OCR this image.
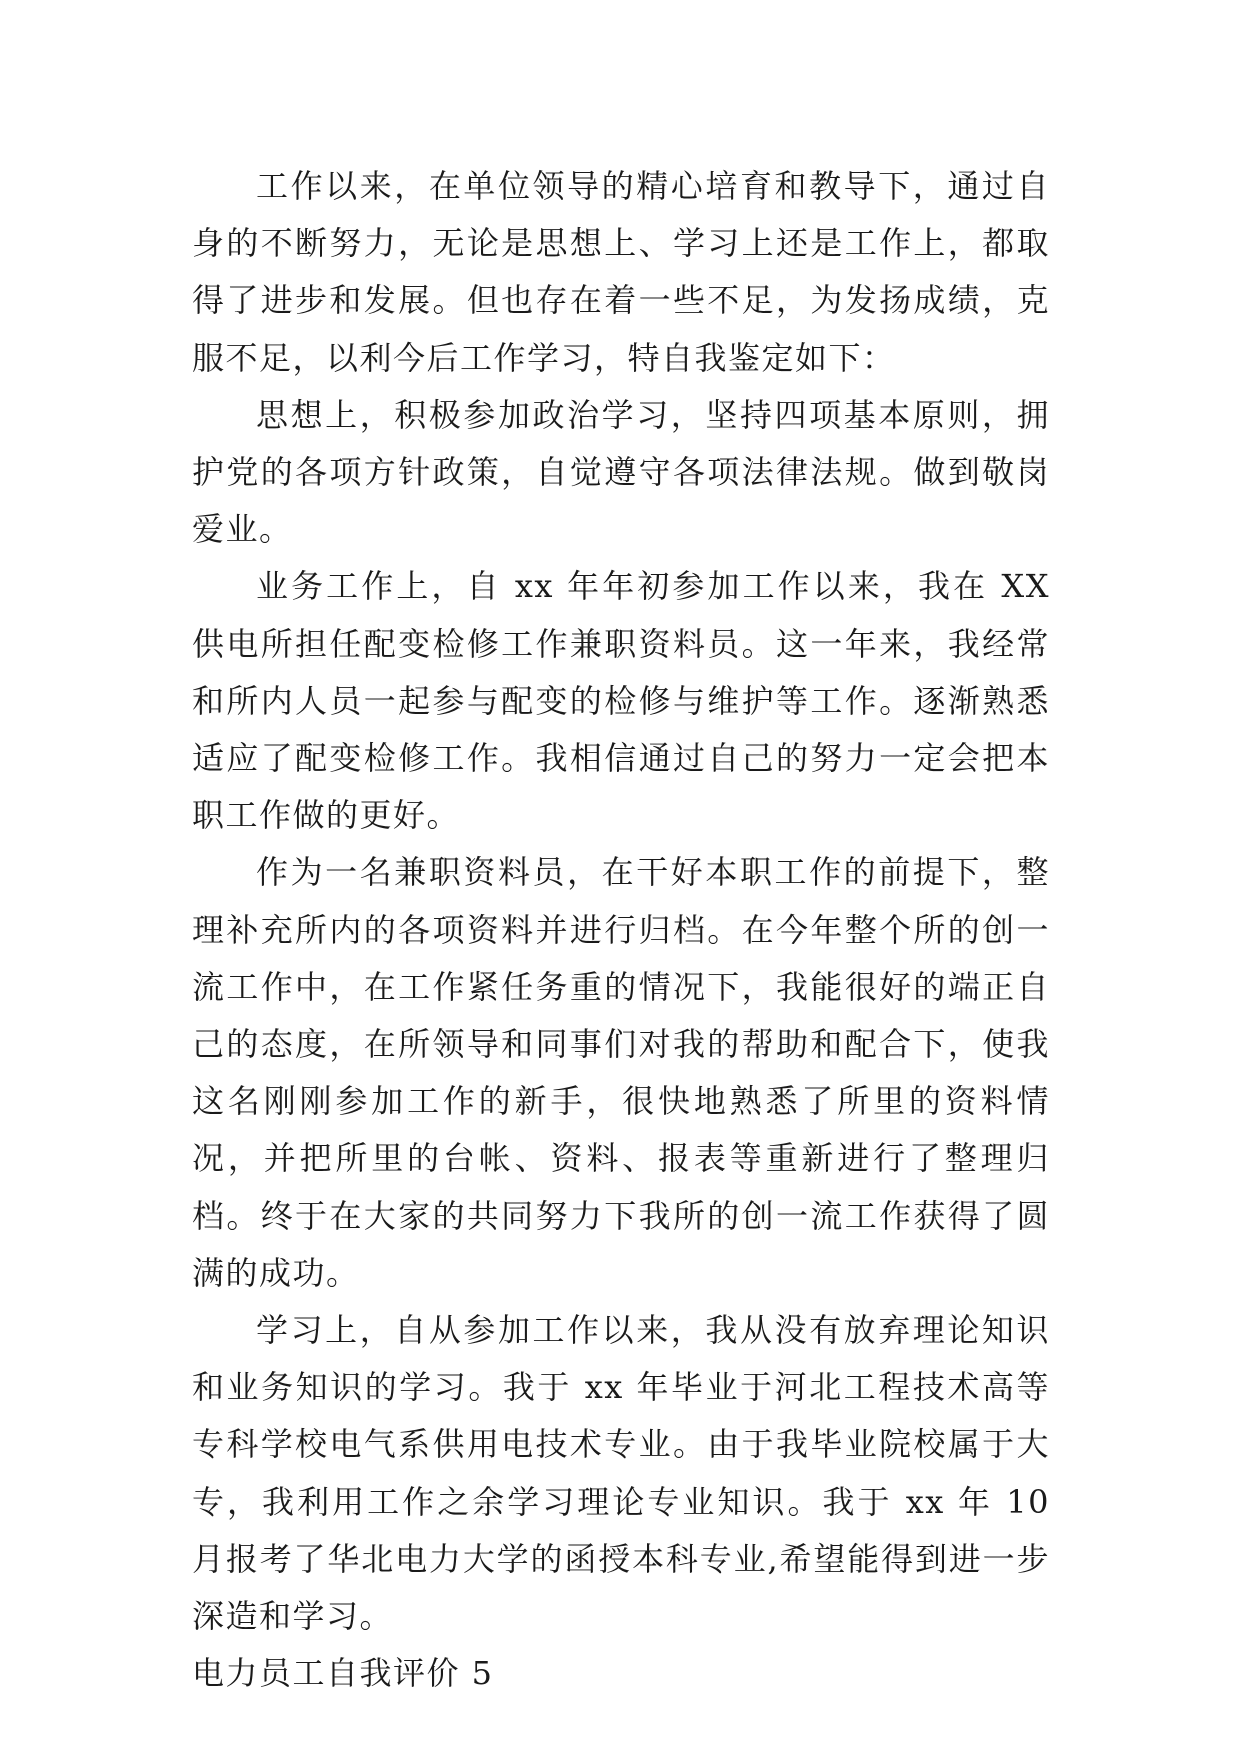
工作以来，在单位领导的精心培育和教导下，通过自身的不断努力，无论是思想上、学习上还是工作上，都取得了进步和发展。但也存在着一些不足，为发扬成绩，克服不足，以利今后工作学习，特自我鉴定如下：

思想上，积极参加政治学习，坚持四项基本原则，拥护党的各项方针政策，自觉遵守各项法律法规。做到敬岗爱业。

业务工作上，自 xx 年年初参加工作以来，我在 XX 供电所担任配变检修工作兼职资料员。这一年来，我经常和所内人员一起参与配变的检修与维护等工作。逐渐熟悉适应了配变检修工作。我相信通过自己的努力一定会把本职工作做的更好。

作为一名兼职资料员，在干好本职工作的前提下，整理补充所内的各项资料并进行归档。在今年整个所的创一流工作中，在工作紧任务重的情况下，我能很好的端正自己的态度，在所领导和同事们对我的帮助和配合下，使我这名刚刚参加工作的新手，很快地熟悉了所里的资料情况，并把所里的台帐、资料、报表等重新进行了整理归档。终于在大家的共同努力下我所的创一流工作获得了圆满的成功。

学习上，自从参加工作以来，我从没有放弃理论知识和业务知识的学习。我于 xx 年毕业于河北工程技术高等专科学校电气系供用电技术专业。由于我毕业院校属于大专，我利用工作之余学习理论专业知识。我于 xx 年 10 月报考了华北电力大学的函授本科专业,希望能得到进一步深造和学习。

电力员工自我评价 5
